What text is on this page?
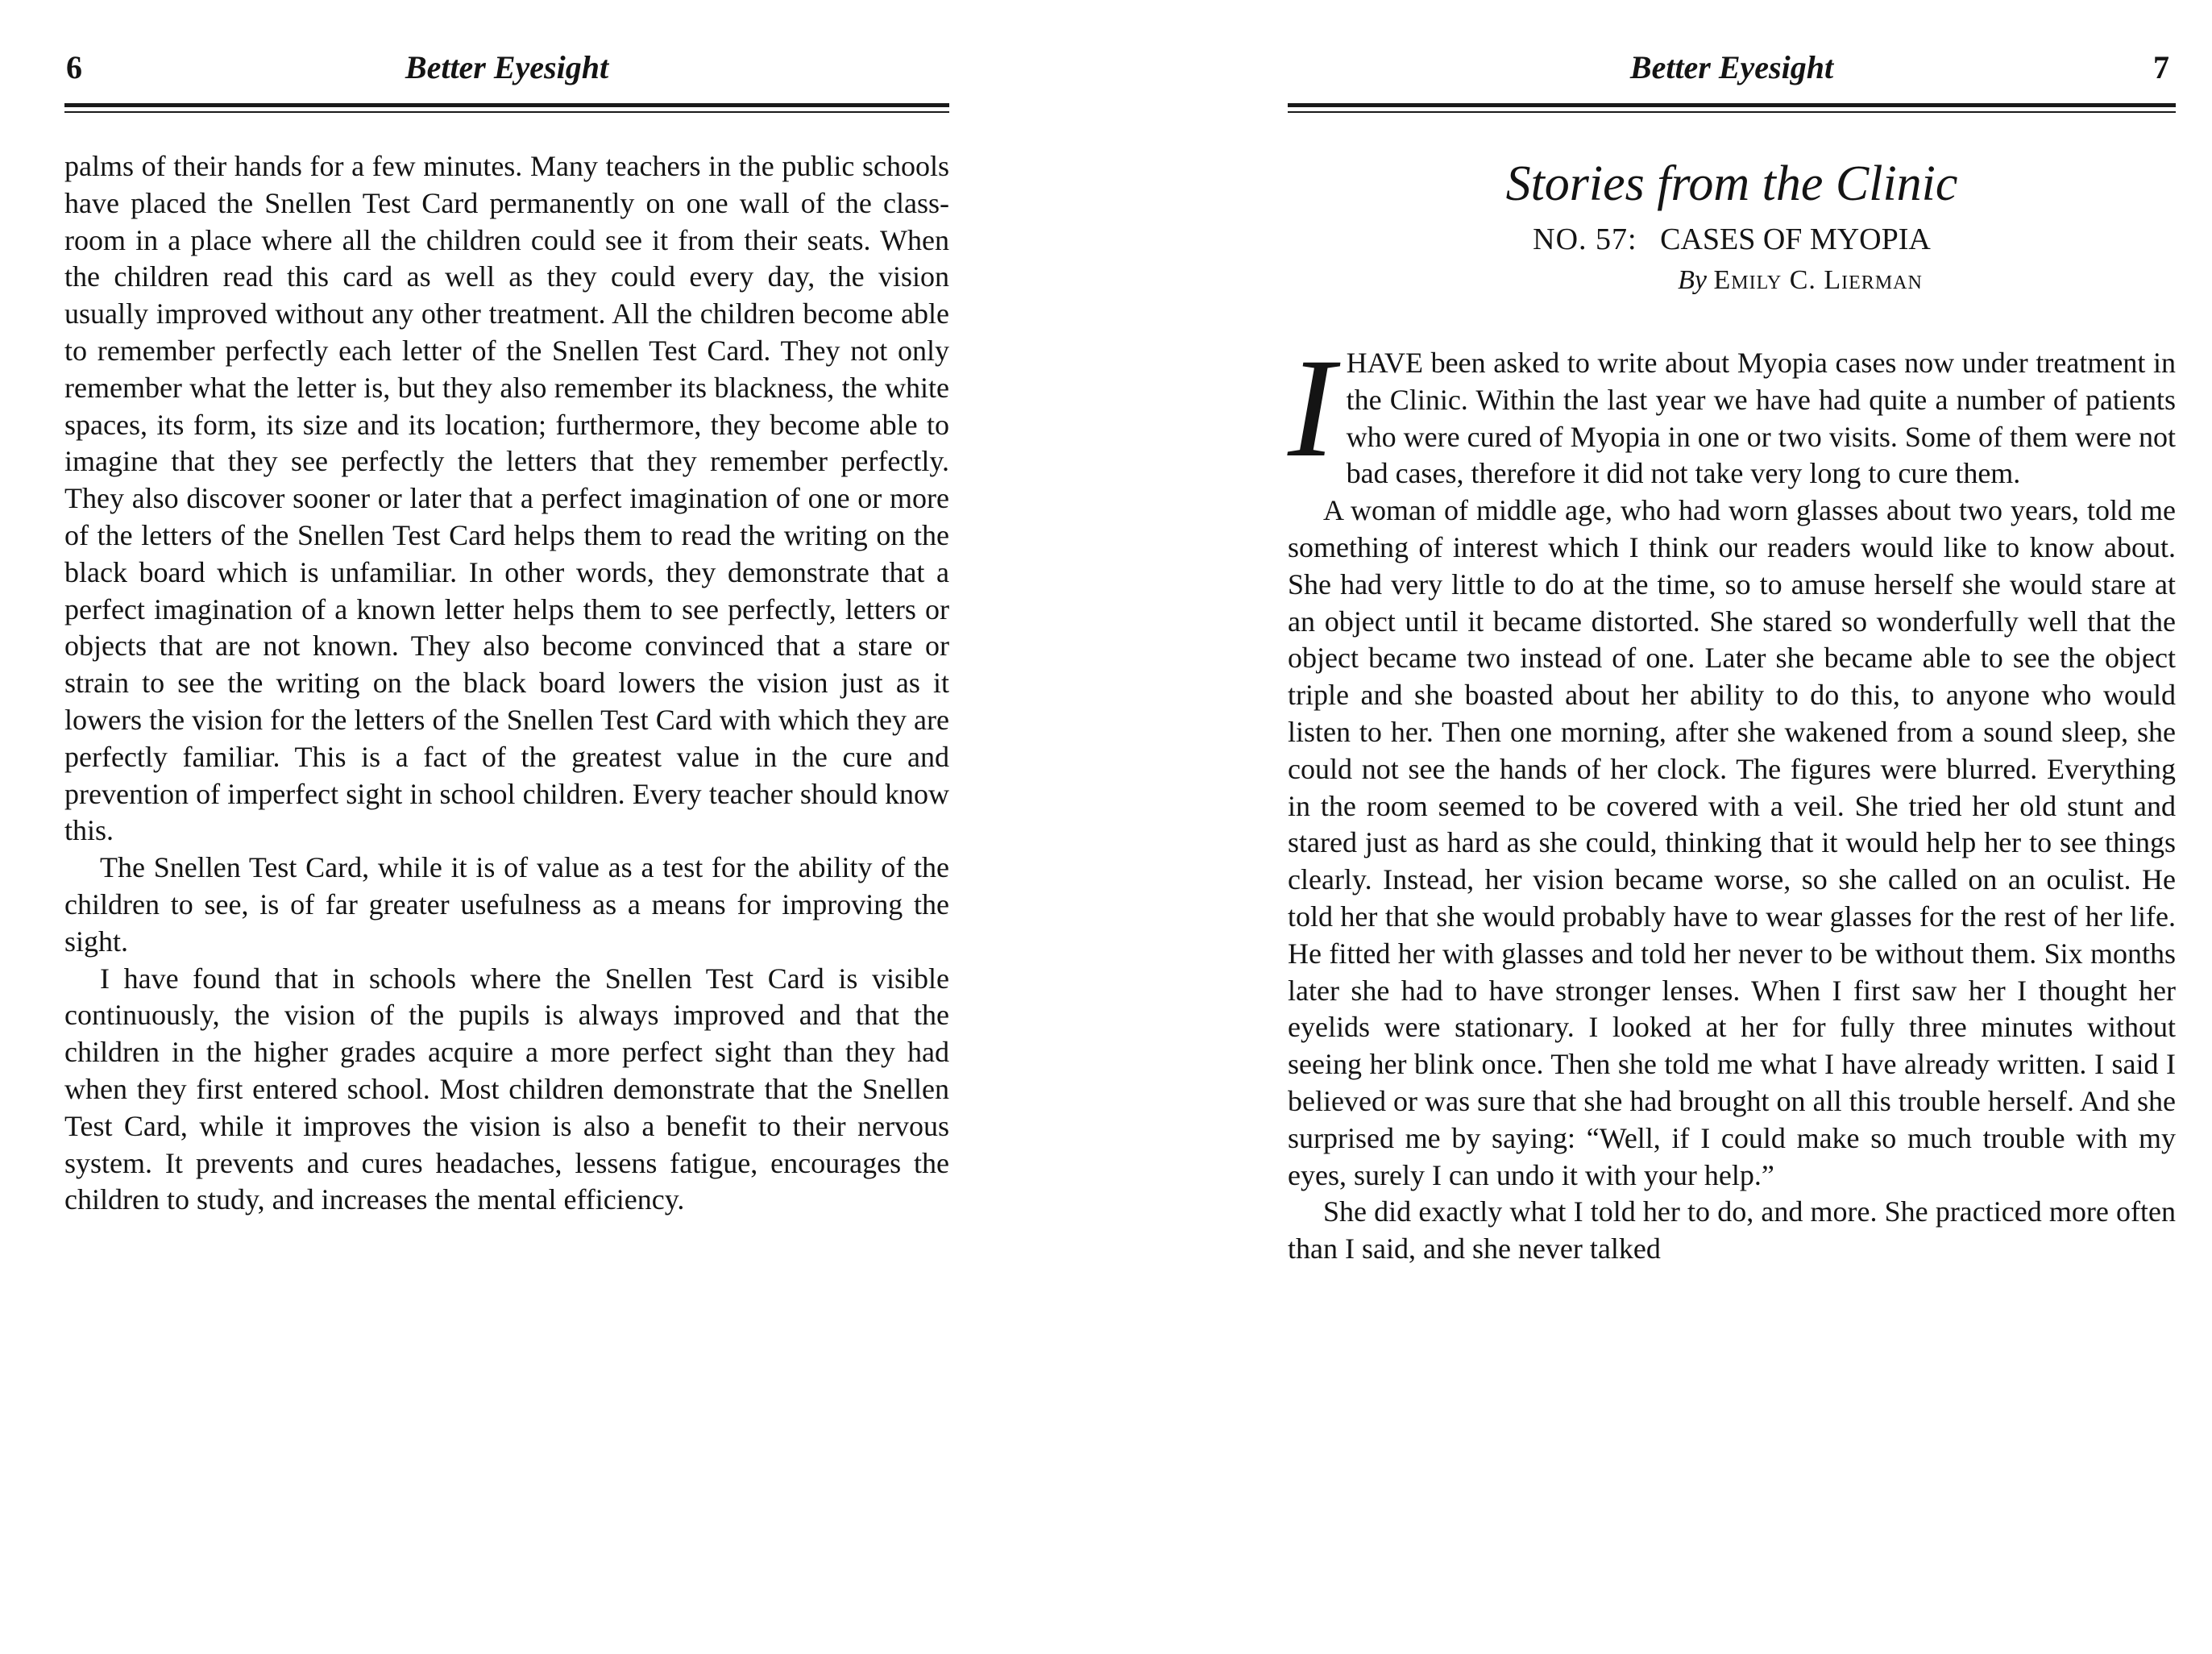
6	Better Eyesight

palms of their hands for a few minutes. Many teachers in the public schools have placed the Snellen Test Card permanently on one wall of the class-room in a place where all the children could see it from their seats. When the children read this card as well as they could every day, the vision usually improved without any other treatment. All the children become able to remember perfectly each letter of the Snellen Test Card. They not only remember what the letter is, but they also remember its blackness, the white spaces, its form, its size and its location; furthermore, they become able to imagine that they see perfectly the letters that they remember perfectly. They also discover sooner or later that a perfect imagination of one or more of the letters of the Snellen Test Card helps them to read the writing on the black board which is unfamiliar. In other words, they demonstrate that a perfect imagination of a known letter helps them to see perfectly, letters or objects that are not known. They also become convinced that a stare or strain to see the writing on the black board lowers the vision just as it lowers the vision for the letters of the Snellen Test Card with which they are perfectly familiar. This is a fact of the greatest value in the cure and prevention of imperfect sight in school children. Every teacher should know this.

The Snellen Test Card, while it is of value as a test for the ability of the children to see, is of far greater usefulness as a means for improving the sight.

I have found that in schools where the Snellen Test Card is visible continuously, the vision of the pupils is always improved and that the children in the higher grades acquire a more perfect sight than they had when they first entered school. Most children demonstrate that the Snellen Test Card, while it improves the vision is also a benefit to their nervous system. It prevents and cures headaches, lessens fatigue, encourages the children to study, and increases the mental efficiency.

Better Eyesight	7
Stories from the Clinic
NO. 57: CASES OF MYOPIA
By Emily C. Lierman

IHAVE been asked to write about Myopia cases now under treatment in the Clinic. Within the last year we have had quite a number of patients who were cured of Myopia in one or two visits. Some of them were not bad cases, therefore it did not take very long to cure them.

A woman of middle age, who had worn glasses about two years, told me something of interest which I think our readers would like to know about. She had very little to do at the time, so to amuse herself she would stare at an object until it became distorted. She stared so wonderfully well that the object became two instead of one. Later she became able to see the object triple and she boasted about her ability to do this, to anyone who would listen to her. Then one morning, after she wakened from a sound sleep, she could not see the hands of her clock. The figures were blurred. Everything in the room seemed to be covered with a veil. She tried her old stunt and stared just as hard as she could, thinking that it would help her to see things clearly. Instead, her vision became worse, so she called on an oculist. He told her that she would probably have to wear glasses for the rest of her life. He fitted her with glasses and told her never to be without them. Six months later she had to have stronger lenses. When I first saw her I thought her eyelids were stationary. I looked at her for fully three minutes without seeing her blink once. Then she told me what I have already written. I said I believed or was sure that she had brought on all this trouble herself. And she surprised me by saying: “Well, if I could make so much trouble with my eyes, surely I can undo it with your help.”

She did exactly what I told her to do, and more. She practiced more often than I said, and she never talked
